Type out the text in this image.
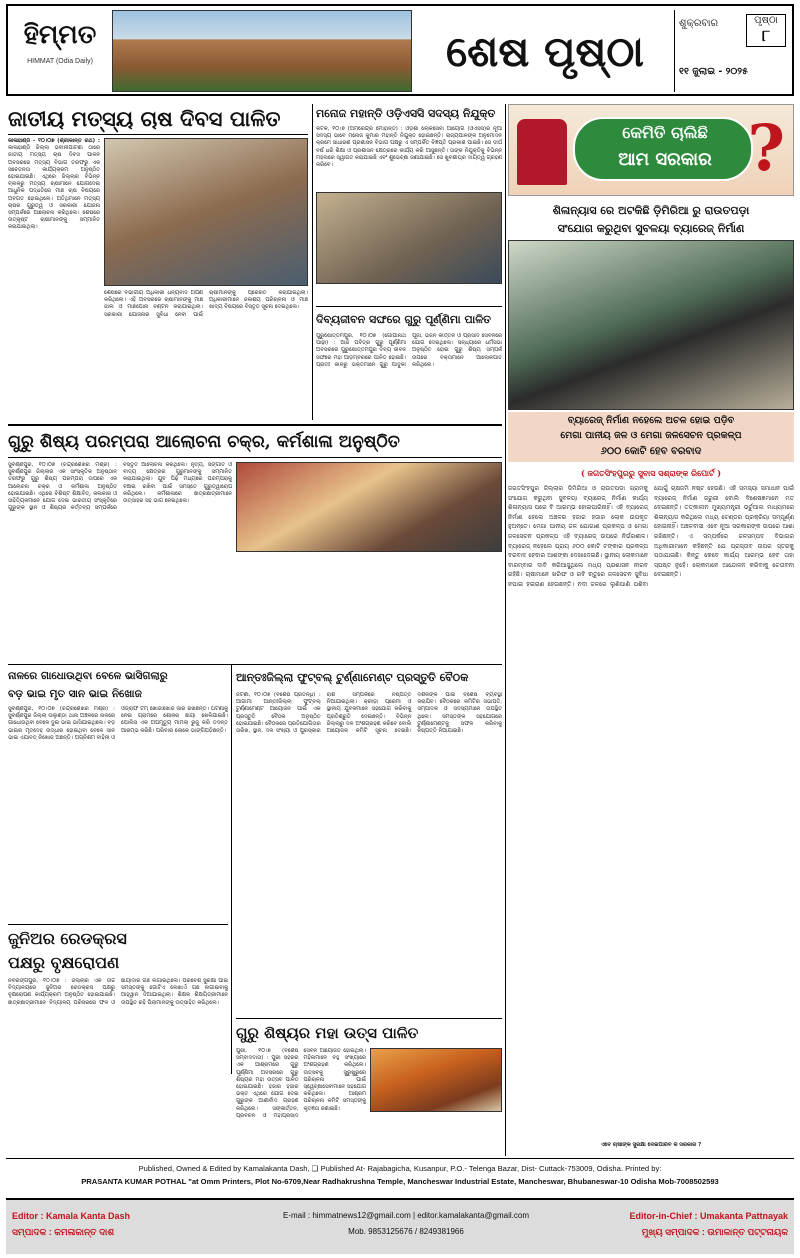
ହିମ୍ମତ
HIMMAT (Odia Daily)	ଶେଷ ପୃଷ୍ଠା
ଶୁକ୍ରବାର	ପୃଷ୍ଠା
୮
୧୧ ଜୁଲାଇ - ୨୦୨୫
ଜାତୀୟ ମତ୍ସ୍ୟ ଚାଷ ଦିବସ ପାଳିତ
କାଳାହାଣ୍ଡି - ୧୦।୦୭ (ଶ୍ରୀକାନ୍ତ ରଥ) : କାଳାହାଣ୍ଡି ଜିଲ୍ଲା ଭବାନୀପାଟଣା ଠାରେ ଜାତୀୟ ମତ୍ସ୍ୟ ଚାଷ ଦିବସ ପାଳନ ଅବସରରେ ମତ୍ସ୍ୟ ବିଭାଗ ତରଫରୁ ଏକ ସଚେତନତା କାର୍ଯ୍ୟକ୍ରମ ଅନୁଷ୍ଠିତ ହୋଇଯାଇଛି। ଏଥିରେ ଜିଲ୍ଲାର ବିଭିନ୍ନ ବ୍ଲକରୁ ମତ୍ସ୍ୟ ଚାଷୀମାନେ ଯୋଗଦେଇ ଆଧୁନିକ ପଦ୍ଧତିରେ ମାଛ ଚାଷ ବିଷୟରେ ଅବଗତ ହୋଇଥିଲେ। ଅତିଥିମାନେ ମତ୍ସ୍ୟ ଚାଷର ଗୁରୁତ୍ୱ ଓ ସରକାରୀ ଯୋଜନା ସମ୍ପର୍କରେ ଆଲୋଚନା କରିଥିଲେ। ଶେଷରେ ଉତ୍କୃଷ୍ଟ ଚାଷୀମାନଙ୍କୁ ସମ୍ମାନିତ କରାଯାଇଥିଲା।
ଶେଷରେ ବିଭାଗୀୟ ଅଧିକାରୀ ଧନ୍ୟବାଦ ଅର୍ପଣ କରିଥିଲେ। ଏହି ଅବସରରେ ଚାଷୀମାନଙ୍କୁ ମାଛ ଜାଲ ଓ ମାଛପୋନା ବଣ୍ଟନ କରାଯାଇଥିଲା। ସରକାରୀ ଯୋଜନାର ସୁବିଧା ନେବା ପାଇଁ ଚାଷୀମାନଙ୍କୁ ପ୍ରେରିତ କରାଯାଇଥିଲା। ଅଧିକାରୀମାନେ ଜଳାଶୟ ପରିଚାଳନା ଓ ମାଛ ଖାଦ୍ୟ ବିଷୟରେ ବିସ୍ତୃତ ସୂଚନା ଦେଇଥିଲେ।
ମନୋଜ ମହାନ୍ତି ଓଡ଼ିଏସସି ସଦସ୍ୟ ନିଯୁକ୍ତ
କଟକ, ୧୦।୭ (ଅମରେନ୍ଦ୍ର ମୋହାନ୍ତି) : ଓଡ଼ିଶା ଲୋକସେବା ଆୟୋଗ (ଓଏସସି)ର ନୂଆ ସଦସ୍ୟ ଭାବେ ମନୋଜ କୁମାର ମହାନ୍ତି ନିଯୁକ୍ତ ହୋଇଛନ୍ତି। ରାଜ୍ୟପାଳଙ୍କ ଅନୁମୋଦନ କ୍ରମେ ସାଧାରଣ ପ୍ରଶାସନ ବିଭାଗ ପକ୍ଷରୁ ଏ ସମ୍ପର୍କିତ ବିଜ୍ଞପ୍ତି ପ୍ରକାଶ ପାଇଛି। ସେ ଦୀର୍ଘ ବର୍ଷ ଧରି ଶିକ୍ଷା ଓ ପ୍ରଶାସନ କ୍ଷେତ୍ରରେ କାର୍ଯ୍ୟ କରି ଆସୁଛନ୍ତି। ତାଙ୍କ ନିଯୁକ୍ତିକୁ ବିଭିନ୍ନ ମହଲରେ ସ୍ୱାଗତ କରାଯାଇଛି ଏବଂ ଶୁଭେଚ୍ଛା ଜଣାଯାଇଛି। ସେ ଖୁବଶୀଘ୍ର ଦାୟିତ୍ୱ ଗ୍ରହଣ କରିବେ।
ଦିବ୍ୟଜୀବନ ସଙ୍ଘରେ ଗୁରୁ ପୂର୍ଣ୍ଣିମା ପାଳିତ
ପୁରୁଷୋତ୍ତମପୁର, ୧୦।୦୭ (ଗୋପୀନାଥ ପାଢ଼ୀ) : ଆଜି ପବିତ୍ର ଗୁରୁ ପୂର୍ଣ୍ଣିମା ଅବସରରେ ପୁରୁଷୋତ୍ତମପୁର ଦିବ୍ୟ ଜୀବନ ସଙ୍ଘରେ ମହା ଆଡ଼ମ୍ବରରେ ପାଳିତ ହୋଇଛି। ପ୍ରାତଃ କାଳରୁ ଭକ୍ତମାନେ ଗୁରୁ ପାଦୁକା ପୂଜା, ଭଜନ କୀର୍ତ୍ତନ ଓ ପ୍ରସାଦ ସେବନରେ ଯୋଗ ଦେଇଥିଲେ। ସନ୍ଧ୍ୟାରେ ଧର୍ମସଭା ଅନୁଷ୍ଠିତ ହୋଇ ଗୁରୁ ଶିଷ୍ୟ ସମ୍ପର୍କ ଉପରେ ବକ୍ତାମାନେ ଆଲୋକପାତ କରିଥିଲେ।
କେମିତି ଚାଲିଛି
ଆମ ସରକାର ?
ଶିଳାନ୍ୟାସ ରେ ଅଟକିଛି ଡ଼ିମିରିଆ ରୁ ରାଉତପଡ଼ା
ସଂଯୋଗ କରୁଥିବା ସୁବଳୟା ବ୍ୟାରେଜ୍ ନିର୍ମାଣ
ବ୍ୟାରେଜ୍ ନିର୍ମାଣ ନହେଲେ ଅଚଳ ହୋଇ ପଡ଼ିବ
ମେଗା ପାନୀୟ ଜଳ ଓ ମେଗା ଜଳସେଚନ ପ୍ରକଳ୍ପ
୬୦୦ କୋଟି ହେବ ବରବାଦ
( ଜଗତସିଂହପୁରରୁ ସୁବାସ ସଶ୍ରାଙ୍କ ରିପୋର୍ଟ )
ଜଗତସିଂହପୁର ଜିଲ୍ଲାର ଡ଼ିମିରିଆ ଓ ରାଉତପଡ଼ା ଗ୍ରାମକୁ ସଂଯୋଗ କରୁଥିବା ସୁବଳୟା ବ୍ୟାରେଜ୍ ନିର୍ମାଣ କାର୍ଯ୍ୟ ଶିଳାନ୍ୟାସ ପରେ ବି ଆରମ୍ଭ ହୋଇପାରିନାହିଁ। ଏହି ବ୍ୟାରେଜ୍ ନିର୍ମାଣ ହେଲେ ଅଞ୍ଚଳର ହଜାର ହଜାର ଲୋକ ଉପକୃତ ହୁଅନ୍ତେ। ମେଗା ପାନୀୟ ଜଳ ଯୋଗାଣ ପ୍ରକଳ୍ପ ଓ ମେଗା ଜଳସେଚନ ପ୍ରକଳ୍ପ ଏହି ବ୍ୟାରେଜ୍ ଉପରେ ନିର୍ଭରଶୀଳ। ବ୍ୟାରେଜ୍ ନହେଲେ ପ୍ରାୟ ୬୦୦ କୋଟି ଟଙ୍କାର ପ୍ରକଳ୍ପ ବରବାଦ ହେବାର ଆଶଙ୍କା ଦେଖାଦେଇଛି। ସ୍ଥାନୀୟ ଲୋକମାନେ ବାରମ୍ବାର ଦାବି କରିଆସୁଥିଲେ ମଧ୍ୟ ପ୍ରଶାସନ ନୀରବ ରହିଛି। ଚାଷୀମାନେ ଖରିଫ ଓ ରବି ଋତୁରେ ଜଳସେଚନ ସୁବିଧା ନପାଇ ହଇରାଣ ହେଉଛନ୍ତି। ନଦୀ ଜଳରେ ଲୁଣିପାଣି ପଶିବା ଯୋଗୁଁ ଚାଷଜମି ନଷ୍ଟ ହେଉଛି। ଏହି ସମସ୍ୟା ସମାଧାନ ପାଇଁ ବ୍ୟାରେଜ୍ ନିର୍ମାଣ ଜରୁରୀ ବୋଲି ବିଶେଷଜ୍ଞମାନେ ମତ ଦେଇଛନ୍ତି। ତତ୍କାଳୀନ ମୁଖ୍ୟମନ୍ତ୍ରୀ ଭର୍ଚୁଆଲ ମାଧ୍ୟମରେ ଶିଳାନ୍ୟାସ କରିଥିଲେ ମଧ୍ୟ ଟେଣ୍ଡର ପ୍ରକ୍ରିୟା ସମ୍ପୂର୍ଣ୍ଣ ହୋଇନାହିଁ। ଅଞ୍ଚଳବାସୀ ଏବେ ନୂଆ ସରକାରଙ୍କ ଉପରେ ଆଶା ରଖିଛନ୍ତି। ଏ ସମ୍ପର୍କରେ ଜଳସମ୍ପଦ ବିଭାଗର ଅଧିକାରୀମାନେ କହିଛନ୍ତି ଯେ ପ୍ରସ୍ତାବ ଉପର ସ୍ତରକୁ ପଠାଯାଇଛି। କିନ୍ତୁ କେବେ କାର୍ଯ୍ୟ ଆରମ୍ଭ ହେବ ତାହା ସ୍ପଷ୍ଟ ନୁହେଁ। ଲୋକମାନେ ଆନ୍ଦୋଳନ କରିବାକୁ ଚେତାବନୀ ଦେଇଛନ୍ତି।
ଏବେ ଚାଷୀଙ୍କ ସୁରକ୍ଷା ଦେଇପାରିବ କି ସରକାର ?
ଗୁରୁ ଶିଷ୍ୟ ପରମ୍ପରା ଆଲୋଚନା ଚକ୍ର, କର୍ମଶାଳା ଅନୁଷ୍ଠିତ
ସୁବର୍ଣ୍ଣପୁର, ୧୦।୦୭ (ଚନ୍ଦ୍ରଶେଖର ମିଶ୍ର) : ସୁବର୍ଣ୍ଣପୁର ଜିଲ୍ଲାର ଏକ ସାଂସ୍କୃତିକ ଅନୁଷ୍ଠାନ ତରଫରୁ ଗୁରୁ ଶିଷ୍ୟ ପରମ୍ପରା ଉପରେ ଏକ ଆଲୋଚନା ଚକ୍ର ଓ କର୍ମଶାଳା ଅନୁଷ୍ଠିତ ହୋଇଯାଇଛି। ଏଥିରେ ବିଶିଷ୍ଟ ଶିକ୍ଷାବିତ୍, କଳାକାର ଓ ସାହିତ୍ୟିକମାନେ ଯୋଗ ଦେଇ ଭାରତୀୟ ସଂସ୍କୃତିରେ ଗୁରୁଙ୍କ ସ୍ଥାନ ଓ ଶିଷ୍ୟର କର୍ତ୍ତବ୍ୟ ସମ୍ପର୍କରେ ବିସ୍ତୃତ ଆଲୋଚନା କରିଥିଲେ। ନୃତ୍ୟ, ସଙ୍ଗୀତ ଓ ବାଦ୍ୟ କ୍ଷେତ୍ରର ଗୁରୁମାନଙ୍କୁ ସମ୍ମାନିତ କରାଯାଇଥିଲା। ଯୁବ ପିଢ଼ି ମଧ୍ୟରେ ପରମ୍ପରାକୁ ବଞ୍ଚାଇ ରଖିବା ପାଇଁ ସମସ୍ତେ ଗୁରୁତ୍ୱାରୋପ କରିଥିଲେ। କର୍ମଶାଳାରେ ଛାତ୍ରଛାତ୍ରୀମାନେ ଉତ୍ସାହର ସହ ଭାଗ ନେଇଥିଲେ।
ନାଳରେ ଗାଧୋଉଥିବା ବେଳେ ଭାସିଗଲାରୁ
ବଡ଼ ଭାଇ ମୃତ ସାନ ଭାଇ ନିଖୋଜ
ସୁବର୍ଣ୍ଣପୁର, ୧୦।୦୭ (ଚନ୍ଦ୍ରଶେଖର ମିଶ୍ର) : ସୁବର୍ଣ୍ଣପୁର ଜିଲ୍ଲା ଉଲୁଣ୍ଡା ଥାନା ଅଞ୍ଚଳରେ ନାଳରେ ଗାଧୋଉଥିବା ବେଳେ ଦୁଇ ଭାଇ ଭାସିଯାଇଥିଲେ। ବଡ଼ ଭାଇର ମୃତଦେହ ଉଦ୍ଧାର ହୋଇଥିବା ବେଳେ ସାନ ଭାଇ ଏଯାବତ୍ ନିଖୋଜ ଅଛନ୍ତି। ଅଗ୍ନିଶମ ବାହିନୀ ଓ ଓଡ୍ରାଫ ଟିମ୍ ଖୋଜାଖୋଜି ଜାରି ରଖିଛନ୍ତି। ଘଟଣାକୁ ନେଇ ଗ୍ରାମରେ ଶୋକର ଛାୟା ଖେଳିଯାଇଛି। ପୋଲିସ ଏକ ଅପମୃତ୍ୟୁ ମାମଲା ରୁଜୁ କରି ତଦନ୍ତ ଆରମ୍ଭ କରିଛି। ପରିବାର ଲୋକେ ଭାଙ୍ଗିପଡ଼ିଛନ୍ତି।
ଆନ୍ତଃଜିଲ୍ଲା ଫୁଟ୍‌ବଲ୍ ଟୁର୍ଣ୍ଣାମେଣ୍ଟ ପ୍ରସ୍ତୁତି ବୈଠକ
ଜଟଣୀ, ୧୦।୦୭ (ବିଶେଷ ପ୍ରତିନିଧି) : ଆଗାମୀ ଆନ୍ତଃଜିଲ୍ଲା ଫୁଟ୍‌ବଲ୍ ଟୁର୍ଣ୍ଣାମେଣ୍ଟ ଆୟୋଜନ ପାଇଁ ଏକ ପ୍ରସ୍ତୁତି ବୈଠକ ଅନୁଷ୍ଠିତ ହୋଇଯାଇଛି। ବୈଠକରେ ପ୍ରତିଯୋଗିତାର ତାରିଖ, ସ୍ଥାନ, ଦଳ ସଂଖ୍ୟା ଓ ପୁରସ୍କାର ରାଶି ସମ୍ପର୍କରେ ନିଷ୍ପତ୍ତି ନିଆଯାଇଥିଲା। କ୍ରୀଡ଼ା ପ୍ରେମୀ ଓ ସ୍ଥାନୀୟ ଯୁବକମାନେ ସହଯୋଗ କରିବାକୁ ପ୍ରତିଶ୍ରୁତି ଦେଇଛନ୍ତି। ବିଭିନ୍ନ ଜିଲ୍ଲାରୁ ଦଳ ଅଂଶଗ୍ରହଣ କରିବେ ବୋଲି ଆୟୋଜକ କମିଟି ସୂଚନା ଦେଇଛି। ଦର୍ଶକଙ୍କ ପାଇଁ ବିଶେଷ ବ୍ୟବସ୍ଥା କରାଯିବ। ବୈଠକରେ କମିଟିର ସଭାପତି, ସମ୍ପାଦକ ଓ ସଦସ୍ୟମାନେ ଉପସ୍ଥିତ ଥିଲେ। ସମସ୍ତଙ୍କ ସହଯୋଗରେ ଟୁର୍ଣ୍ଣାମେଣ୍ଟକୁ ସଫଳ କରିବାକୁ ନିଷ୍ପତ୍ତି ନିଆଯାଇଛି।
ଜୁନିଅର ରେଡକ୍ରସ
ପକ୍ଷରୁ ବୃକ୍ଷରୋପଣ
ନବରଙ୍ଗପୁର, ୧୦।୦୭ : ଜିଲ୍ଲାର ଏକ ଉଚ୍ଚ ବିଦ୍ୟାଳୟରେ ଜୁନିଅର ରେଡକ୍ରସ ପକ୍ଷରୁ ବୃକ୍ଷରୋପଣ କାର୍ଯ୍ୟକ୍ରମ ଅନୁଷ୍ଠିତ ହୋଇଯାଇଛି। ଛାତ୍ରଛାତ୍ରୀମାନେ ବିଦ୍ୟାଳୟ ପରିସରରେ ଫଳ ଓ ଛାୟାଦାର ଗଛ ଲଗାଇଥିଲେ। ପରିବେଶ ସୁରକ୍ଷା ପାଇଁ ସମସ୍ତଙ୍କୁ ଗୋଟିଏ ଲେଖାଏଁ ଗଛ ଲଗାଇବାକୁ ଆହ୍ୱାନ ଦିଆଯାଇଥିଲା। ଶିକ୍ଷକ ଶିକ୍ଷୟିତ୍ରୀମାନେ ଉପସ୍ଥିତ ରହି ପିଲାମାନଙ୍କୁ ଉତ୍ସାହିତ କରିଥିଲେ।
ଗୁରୁ ଶିଷ୍ୟର ମହା ଉତ୍ସ ପାଳିତ
ପୁରୀ, ୧୦।୭ (ବିଶେଷ ସମ୍ବାଦଦାତା) : ପୁରୀ ସହରର ଏକ ଆଶ୍ରମରେ ଗୁରୁ ପୂର୍ଣ୍ଣିମା ଅବସରରେ ଗୁରୁ ଶିଷ୍ୟର ମହା ଉତ୍ସବ ପାଳିତ ହୋଇଯାଇଛି। ହଜାର ହଜାର ଭକ୍ତ ଏଥିରେ ଯୋଗ ଦେଇ ଗୁରୁଙ୍କ ଆଶୀର୍ବାଦ ଗ୍ରହଣ କରିଥିଲେ। ସଙ୍କୀର୍ତ୍ତନ, ପ୍ରବଚନ ଓ ମହାପ୍ରସାଦ ସେବନ ଆୟୋଜିତ ହୋଇଥିଲା। ମହିଳାମାନେ ବହୁ ସଂଖ୍ୟାରେ ଅଂଶଗ୍ରହଣ କରିଥିଲେ। ଉତ୍ସବକୁ ସୁରୁଖୁରୁରେ ପରିଚାଳନା ପାଇଁ ସ୍ୱେଚ୍ଛାସେବୀମାନେ ସହଯୋଗ କରିଥିଲେ। ଆଶ୍ରମ ପରିଚାଳନା କମିଟି ସମସ୍ତଙ୍କୁ କୃତଜ୍ଞତା ଜଣାଇଛି।
Published, Owned & Edited by Kamalakanta Dash, ❑ Published At- Rajabagicha, Kusanpur, P.O.- Telenga Bazar, Dist- Cuttack-753009, Odisha. Printed by:
PRASANTA KUMAR POTHAL "at Omm Printers, Plot No-6709,Near Radhakrushna Temple, Mancheswar Industrial Estate, Mancheswar, Bhubaneswar-10 Odisha Mob-7008502593
Editor : Kamala Kanta Dash
ସମ୍ପାଦକ : କମଳାକାନ୍ତ ଦାଶ
E-mail : himmatnews12@gmail.com | editor.kamalakanta@gmail.com
Mob. 9853125676 / 8249381966
Editor-in-Chief : Umakanta Pattnayak
ମୁଖ୍ୟ ସମ୍ପାଦକ : ଉମାକାନ୍ତ ପଟ୍ଟନାୟକ
